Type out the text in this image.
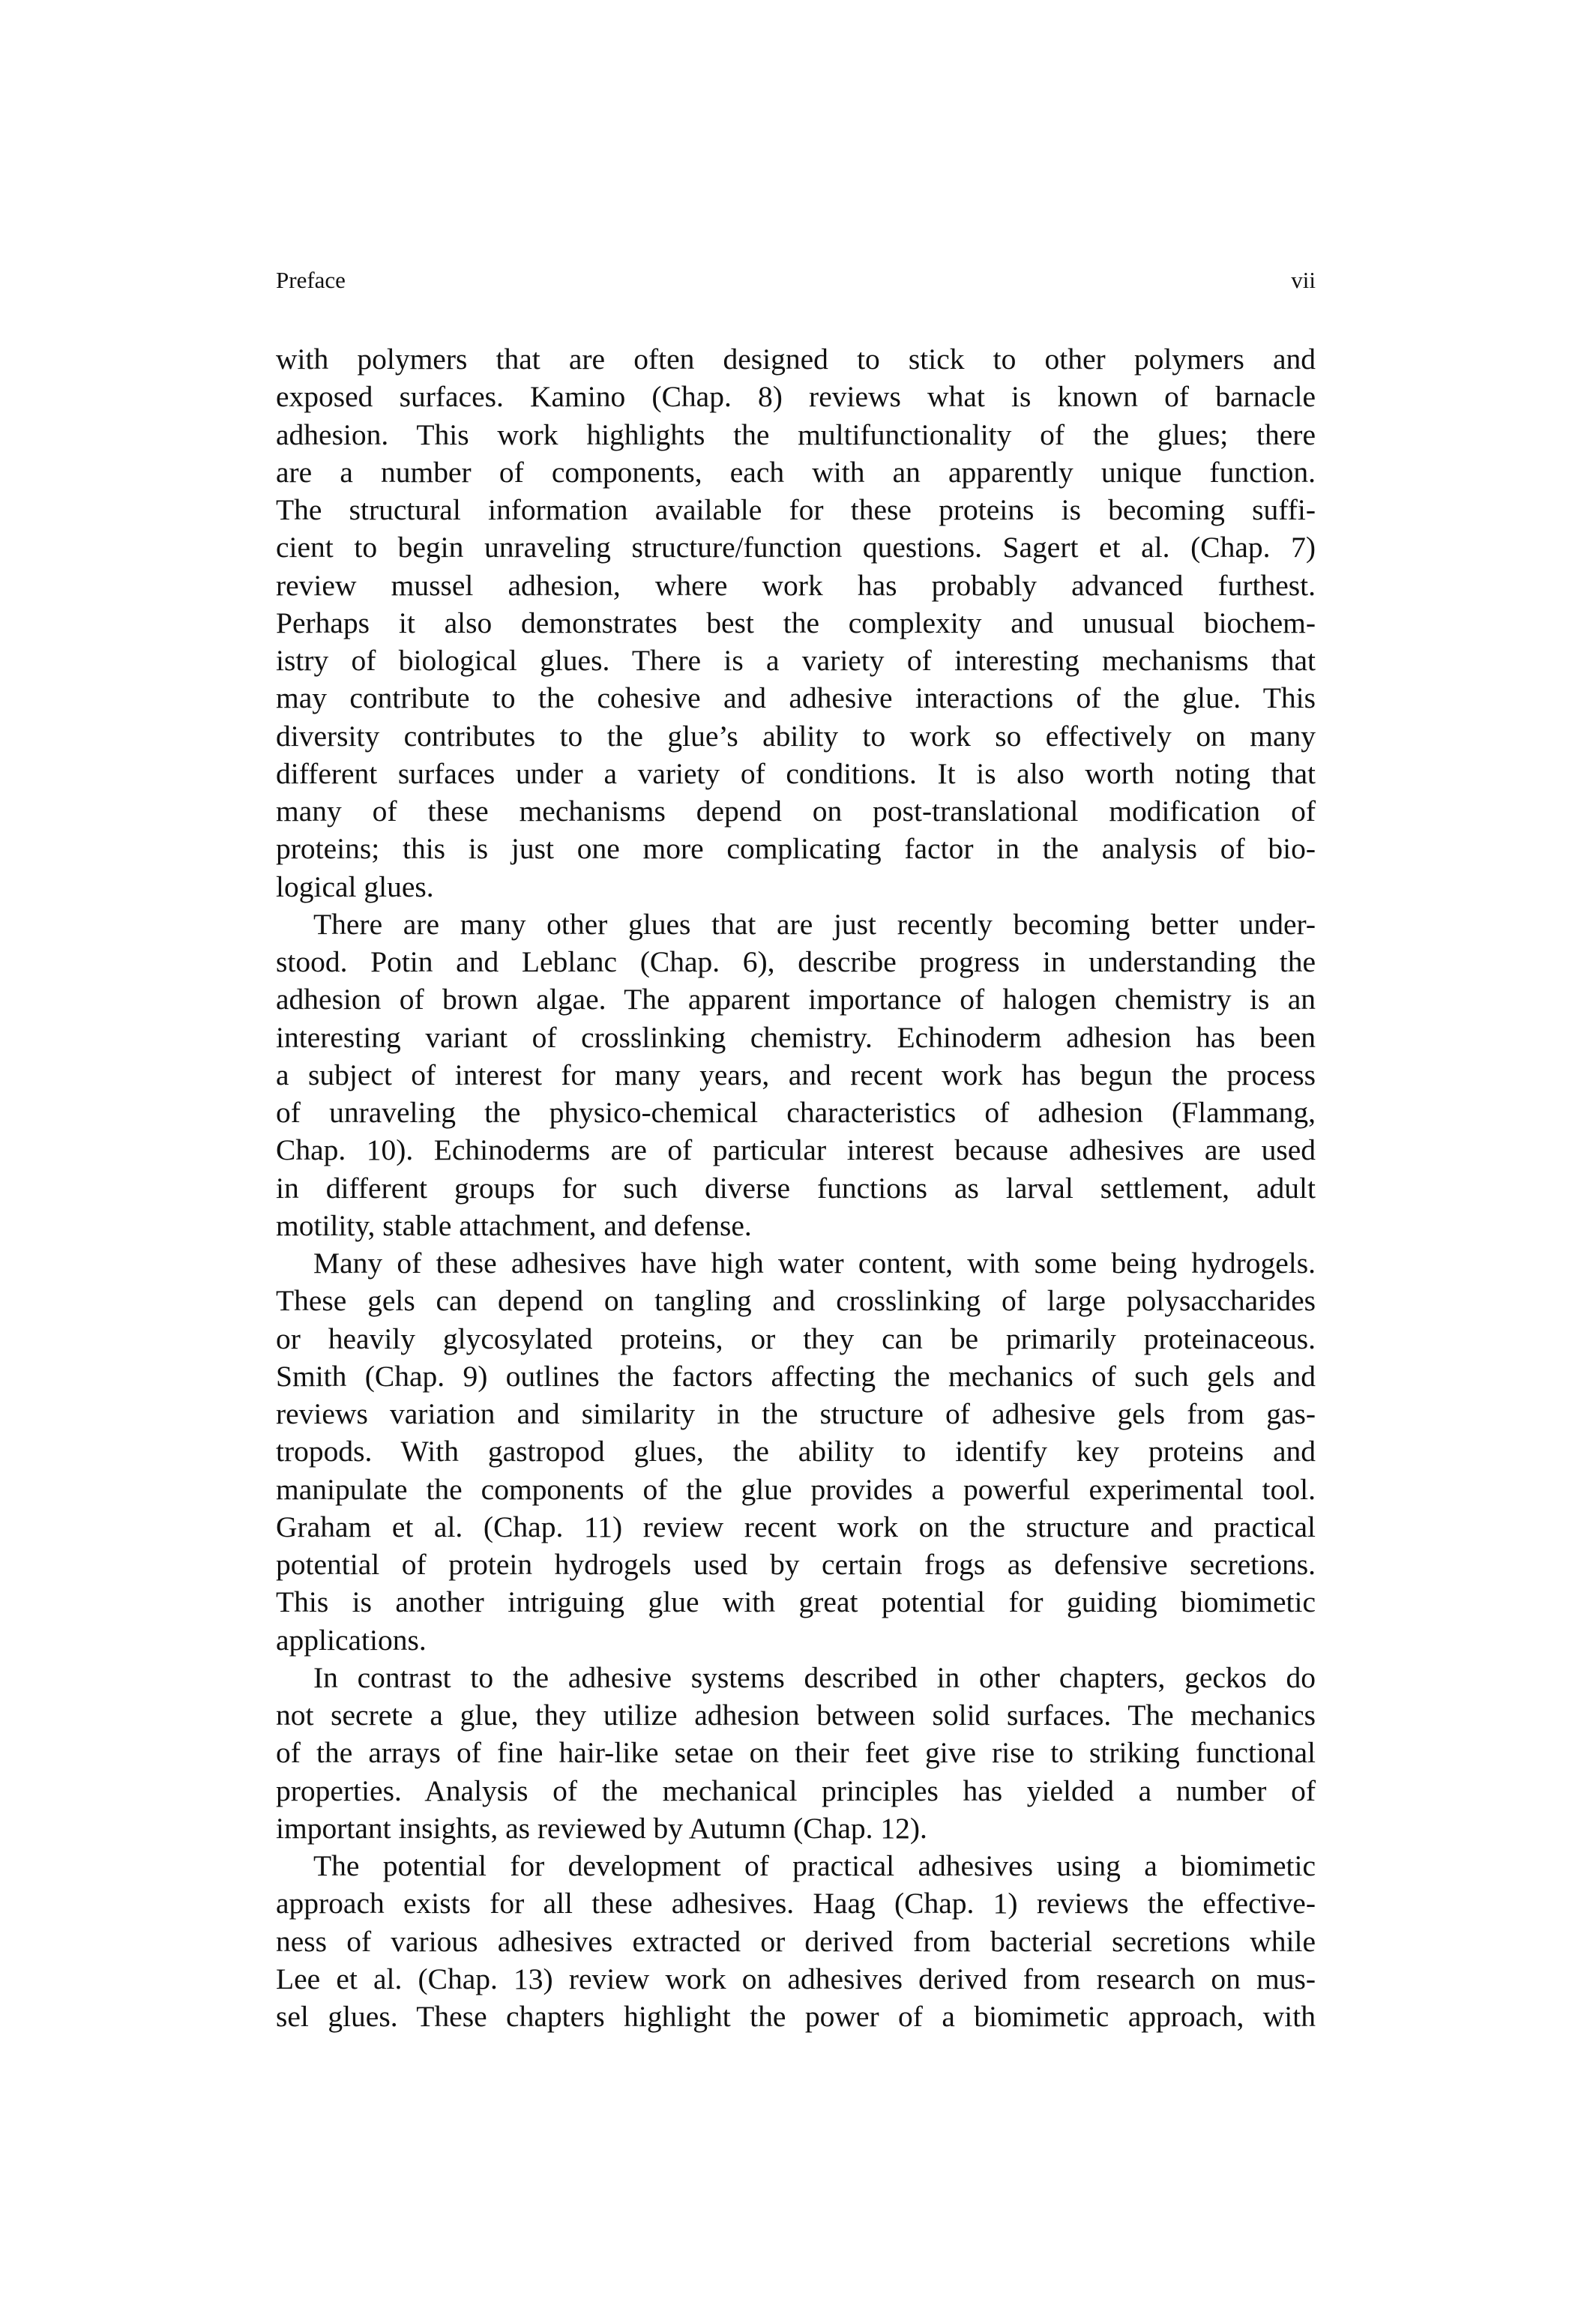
Preface	vii
with polymers that are often designed to stick to other polymers and
exposed surfaces. Kamino (Chap. 8) reviews what is known of barnacle
adhesion. This work highlights the multifunctionality of the glues; there
are a number of components, each with an apparently unique function.
The structural information available for these proteins is becoming suffi-
cient to begin unraveling structure/function questions. Sagert et al. (Chap. 7)
review mussel adhesion, where work has probably advanced furthest.
Perhaps it also demonstrates best the complexity and unusual biochem-
istry of biological glues. There is a variety of interesting mechanisms that
may contribute to the cohesive and adhesive interactions of the glue. This
diversity contributes to the glue’s ability to work so effectively on many
different surfaces under a variety of conditions. It is also worth noting that
many of these mechanisms depend on post-translational modification of
proteins; this is just one more complicating factor in the analysis of bio-
logical glues.
There are many other glues that are just recently becoming better under-
stood. Potin and Leblanc (Chap. 6), describe progress in understanding the
adhesion of brown algae. The apparent importance of halogen chemistry is an
interesting variant of crosslinking chemistry. Echinoderm adhesion has been
a subject of interest for many years, and recent work has begun the process
of unraveling the physico-chemical characteristics of adhesion (Flammang,
Chap. 10). Echinoderms are of particular interest because adhesives are used
in different groups for such diverse functions as larval settlement, adult
motility, stable attachment, and defense.
Many of these adhesives have high water content, with some being hydrogels.
These gels can depend on tangling and crosslinking of large polysaccharides
or heavily glycosylated proteins, or they can be primarily proteinaceous.
Smith (Chap. 9) outlines the factors affecting the mechanics of such gels and
reviews variation and similarity in the structure of adhesive gels from gas-
tropods. With gastropod glues, the ability to identify key proteins and
manipulate the components of the glue provides a powerful experimental tool.
Graham et al. (Chap. 11) review recent work on the structure and practical
potential of protein hydrogels used by certain frogs as defensive secretions.
This is another intriguing glue with great potential for guiding biomimetic
applications.
In contrast to the adhesive systems described in other chapters, geckos do
not secrete a glue, they utilize adhesion between solid surfaces. The mechanics
of the arrays of fine hair-like setae on their feet give rise to striking functional
properties. Analysis of the mechanical principles has yielded a number of
important insights, as reviewed by Autumn (Chap. 12).
The potential for development of practical adhesives using a biomimetic
approach exists for all these adhesives. Haag (Chap. 1) reviews the effective-
ness of various adhesives extracted or derived from bacterial secretions while
Lee et al. (Chap. 13) review work on adhesives derived from research on mus-
sel glues. These chapters highlight the power of a biomimetic approach, with
